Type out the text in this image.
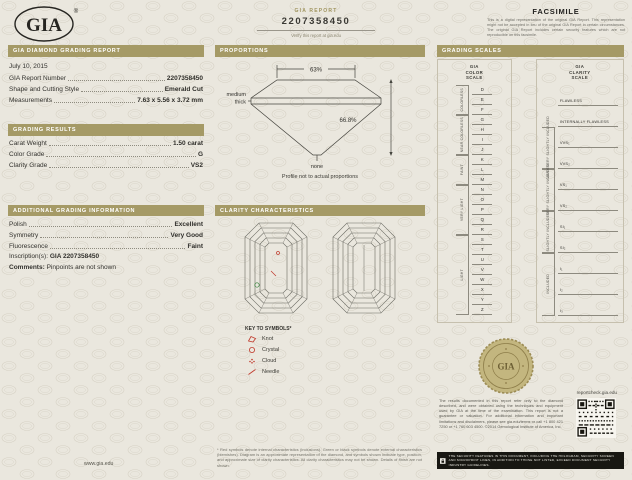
GIA
®	GIA REPORT
2207358450
Verify this report at gia.edu
FACSIMILE
This is a digital representation of the original GIA Report. This representation might not be accepted in lieu of the original GIA Report in certain circumstances. The original GIA Report includes certain security features which are not reproducible on this facsimile.
GIA DIAMOND GRADING REPORT
July 10, 2015
GIA Report Number	2207358450
Shape and Cutting Style	Emerald Cut
Measurements	7.63 x 5.56 x 3.72 mm
GRADING RESULTS
Carat Weight	1.50 carat
Color Grade	G
Clarity Grade	VS2
ADDITIONAL GRADING INFORMATION
Polish	Excellent
Symmetry	Very Good
Fluorescence	Faint
Inscription(s): GIA 2207358450
Comments: Pinpoints are not shown
PROPORTIONS
63%
medium
thick
66.8%
none
Profile not to actual proportions
CLARITY CHARACTERISTICS
KEY TO SYMBOLS*
Knot
Crystal
Cloud
Needle
* Red symbols denote internal characteristics (inclusions). Green or black symbols denote external characteristics (blemishes). Diagram is an approximate representation of the diamond, and symbols shown indicate type, position, and approximate size of clarity characteristics. All clarity characteristics may not be shown. Details of finish are not shown.
GRADING SCALES
GIA
COLOR
SCALE
COLORLESS
NEAR COLORLESS
FAINT
VERY LIGHT
LIGHT
D
E
F
G
H
I
J
K
L
M
N
O
P
Q
R
S
T
U
V
W
X
Y
Z
GIA
CLARITY
SCALE
VERY VERY SLIGHTLY INCLUDED
VERY SLIGHTLY INCLUDED
SLIGHTLY INCLUDED
INCLUDED
FLAWLESS
INTERNALLY FLAWLESS
VVS₁
VVS₂
VS₁
VS₂
SI₁
SI₂
I₁
I₂
I₃
GIA
reportcheck.gia.edu
The results documented in this report refer only to the diamond described, and were obtained using the techniques and equipment used by GIA at the time of the examination. This report is not a guarantee or valuation. For additional information and important limitations and disclaimers, please see gia.edu/terms or call +1 800 421 7250 or +1 760 603 4500. ©2014 Gemological Institute of America, Inc.
THE SECURITY FEATURES IN THIS DOCUMENT, INCLUDING THE HOLOGRAM, SECURITY SCREEN AND MICROPRINT LINES, IN ADDITION TO THOSE NOT LISTED, EXCEED DOCUMENT SECURITY INDUSTRY GUIDELINES.
www.gia.edu
